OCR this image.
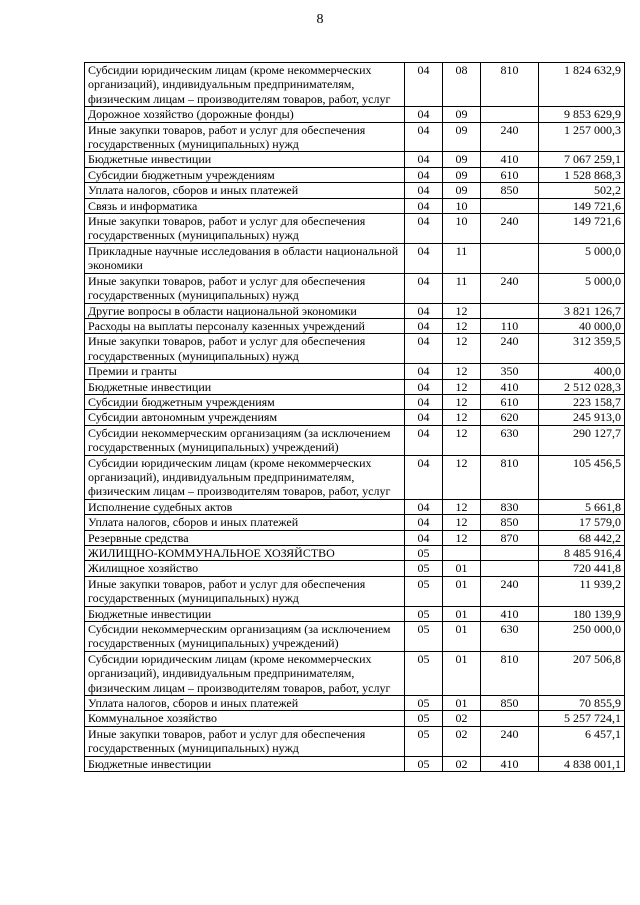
8
Субсидии юридическим лицам (кроме некоммерческих организаций), индивидуальным предпринимателям, физическим лицам – производителям товаров, работ, услуг	04	08	810	1 824 632,9
Дорожное хозяйство (дорожные фонды)	04	09		9 853 629,9
Иные закупки товаров, работ и услуг для обеспечения государственных (муниципальных) нужд	04	09	240	1 257 000,3
Бюджетные инвестиции	04	09	410	7 067 259,1
Субсидии бюджетным учреждениям	04	09	610	1 528 868,3
Уплата налогов, сборов и иных платежей	04	09	850	502,2
Связь и информатика	04	10		149 721,6
Иные закупки товаров, работ и услуг для обеспечения государственных (муниципальных) нужд	04	10	240	149 721,6
Прикладные научные исследования в области национальной экономики	04	11		5 000,0
Иные закупки товаров, работ и услуг для обеспечения государственных (муниципальных) нужд	04	11	240	5 000,0
Другие вопросы в области национальной экономики	04	12		3 821 126,7
Расходы на выплаты персоналу казенных учреждений	04	12	110	40 000,0
Иные закупки товаров, работ и услуг для обеспечения государственных (муниципальных) нужд	04	12	240	312 359,5
Премии и гранты	04	12	350	400,0
Бюджетные инвестиции	04	12	410	2 512 028,3
Субсидии бюджетным учреждениям	04	12	610	223 158,7
Субсидии автономным учреждениям	04	12	620	245 913,0
Субсидии некоммерческим организациям (за исключением государственных (муниципальных) учреждений)	04	12	630	290 127,7
Субсидии юридическим лицам (кроме некоммерческих организаций), индивидуальным предпринимателям, физическим лицам – производителям товаров, работ, услуг	04	12	810	105 456,5
Исполнение судебных актов	04	12	830	5 661,8
Уплата налогов, сборов и иных платежей	04	12	850	17 579,0
Резервные средства	04	12	870	68 442,2
ЖИЛИЩНО-КОММУНАЛЬНОЕ ХОЗЯЙСТВО	05			8 485 916,4
Жилищное хозяйство	05	01		720 441,8
Иные закупки товаров, работ и услуг для обеспечения государственных (муниципальных) нужд	05	01	240	11 939,2
Бюджетные инвестиции	05	01	410	180 139,9
Субсидии некоммерческим организациям (за исключением государственных (муниципальных) учреждений)	05	01	630	250 000,0
Субсидии юридическим лицам (кроме некоммерческих организаций), индивидуальным предпринимателям, физическим лицам – производителям товаров, работ, услуг	05	01	810	207 506,8
Уплата налогов, сборов и иных платежей	05	01	850	70 855,9
Коммунальное хозяйство	05	02		5 257 724,1
Иные закупки товаров, работ и услуг для обеспечения государственных (муниципальных) нужд	05	02	240	6 457,1
Бюджетные инвестиции	05	02	410	4 838 001,1
